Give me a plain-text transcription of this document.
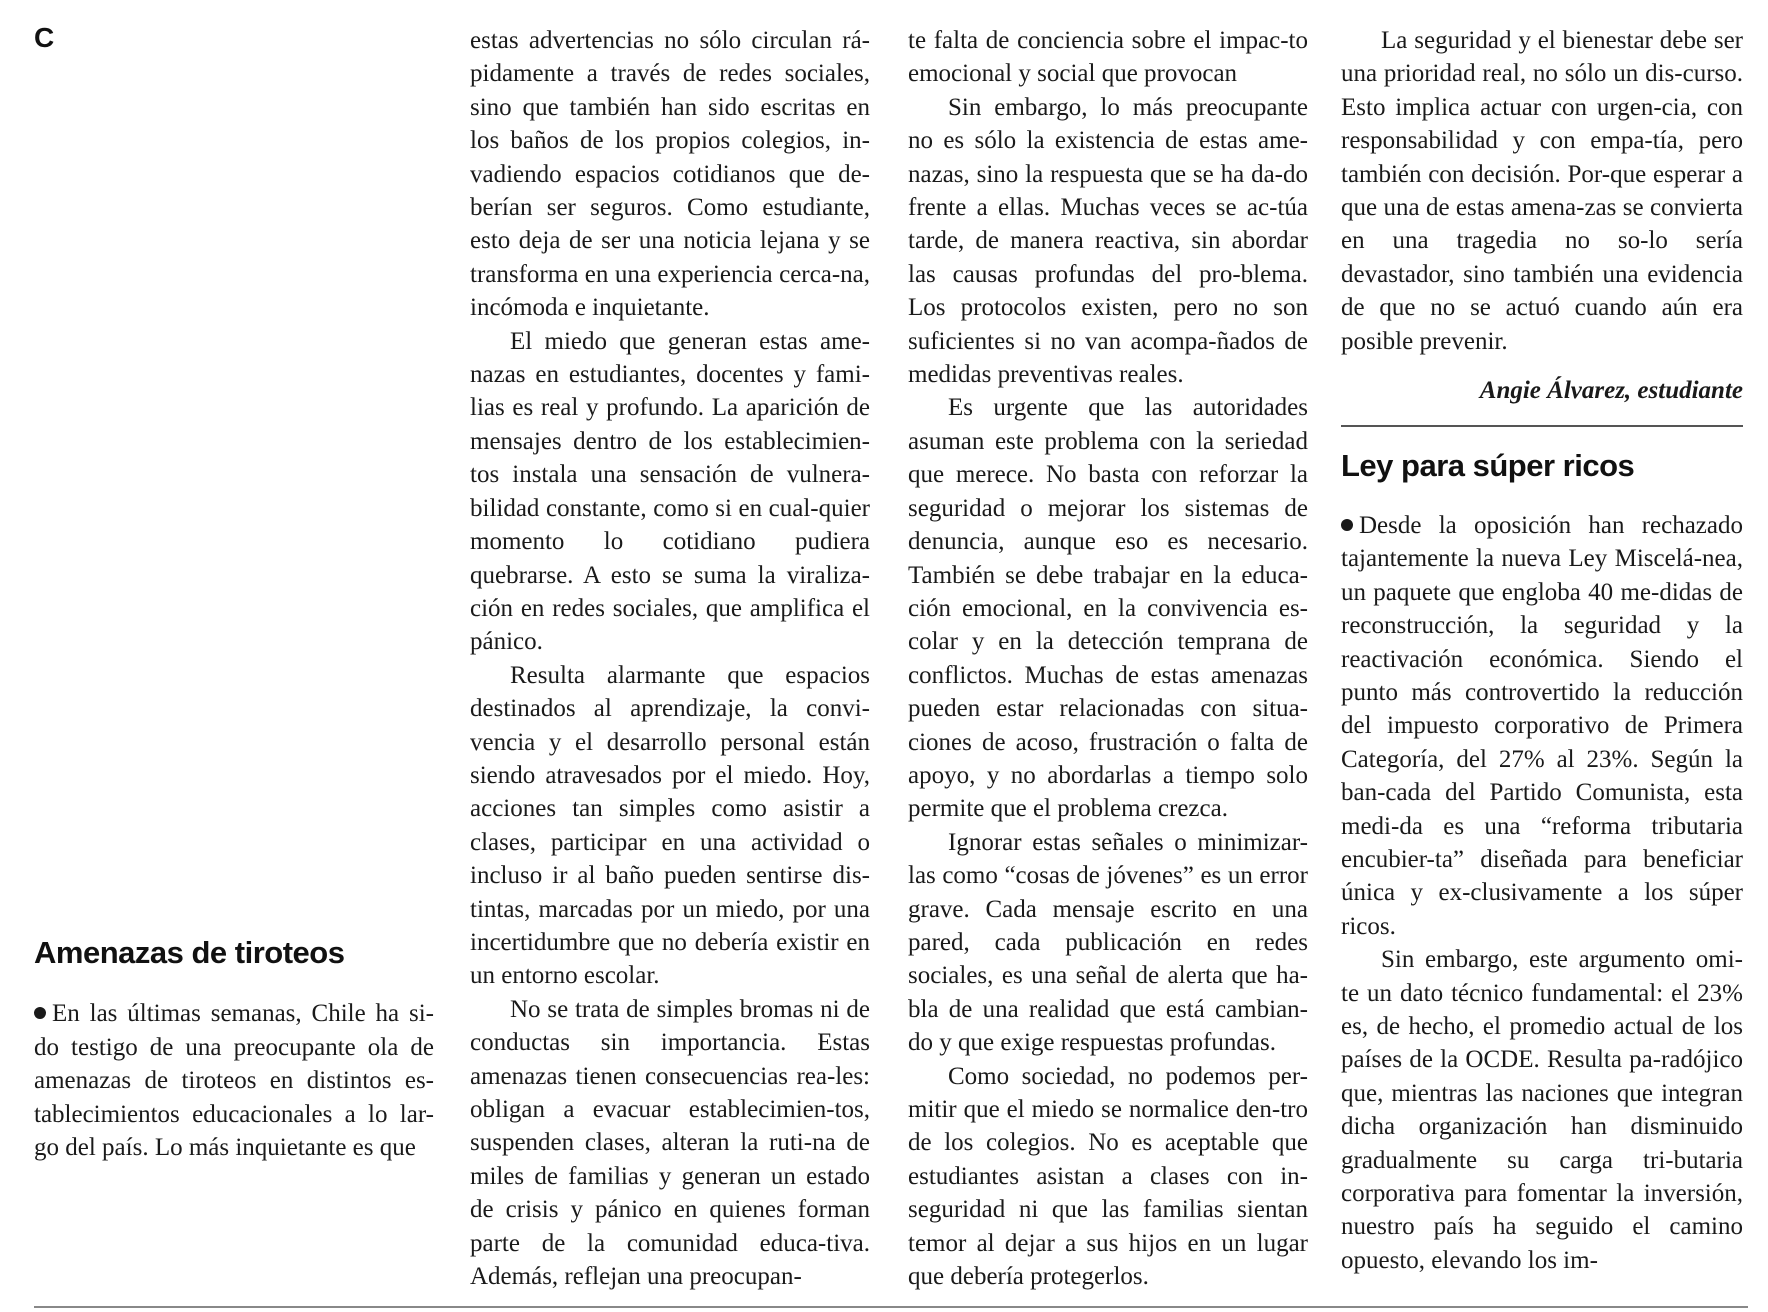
C
Amenazas de tiroteos

En las últimas semanas, Chile ha si-do testigo de una preocupante ola de amenazas de tiroteos en distintos es-tablecimientos educacionales a lo lar-go del país. Lo más inquietante es que

estas advertencias no sólo circulan rá-pidamente a través de redes sociales, sino que también han sido escritas en los baños de los propios colegios, in-vadiendo espacios cotidianos que de-berían ser seguros. Como estudiante, esto deja de ser una noticia lejana y se transforma en una experiencia cerca-na, incómoda e inquietante.

El miedo que generan estas ame-nazas en estudiantes, docentes y fami-lias es real y profundo. La aparición de mensajes dentro de los establecimien-tos instala una sensación de vulnera-bilidad constante, como si en cual-quier momento lo cotidiano pudiera quebrarse. A esto se suma la viraliza-ción en redes sociales, que amplifica el pánico.

Resulta alarmante que espacios destinados al aprendizaje, la convi-vencia y el desarrollo personal están siendo atravesados por el miedo. Hoy, acciones tan simples como asistir a clases, participar en una actividad o incluso ir al baño pueden sentirse dis-tintas, marcadas por un miedo, por una incertidumbre que no debería existir en un entorno escolar.

No se trata de simples bromas ni de conductas sin importancia. Estas amenazas tienen consecuencias rea-les: obligan a evacuar establecimien-tos, suspenden clases, alteran la ruti-na de miles de familias y generan un estado de crisis y pánico en quienes forman parte de la comunidad educa-tiva. Además, reflejan una preocupan-

te falta de conciencia sobre el impac-to emocional y social que provocan

Sin embargo, lo más preocupante no es sólo la existencia de estas ame-nazas, sino la respuesta que se ha da-do frente a ellas. Muchas veces se ac-túa tarde, de manera reactiva, sin abordar las causas profundas del pro-blema. Los protocolos existen, pero no son suficientes si no van acompa-ñados de medidas preventivas reales.

Es urgente que las autoridades asuman este problema con la seriedad que merece. No basta con reforzar la seguridad o mejorar los sistemas de denuncia, aunque eso es necesario. También se debe trabajar en la educa-ción emocional, en la convivencia es-colar y en la detección temprana de conflictos. Muchas de estas amenazas pueden estar relacionadas con situa-ciones de acoso, frustración o falta de apoyo, y no abordarlas a tiempo solo permite que el problema crezca.

Ignorar estas señales o minimizar-las como “cosas de jóvenes” es un error grave. Cada mensaje escrito en una pared, cada publicación en redes sociales, es una señal de alerta que ha-bla de una realidad que está cambian-do y que exige respuestas profundas.

Como sociedad, no podemos per-mitir que el miedo se normalice den-tro de los colegios. No es aceptable que estudiantes asistan a clases con in-seguridad ni que las familias sientan temor al dejar a sus hijos en un lugar que debería protegerlos.

La seguridad y el bienestar debe ser una prioridad real, no sólo un dis-curso. Esto implica actuar con urgen-cia, con responsabilidad y con empa-tía, pero también con decisión. Por-que esperar a que una de estas amena-zas se convierta en una tragedia no so-lo sería devastador, sino también una evidencia de que no se actuó cuando aún era posible prevenir.

Angie Álvarez, estudiante
Ley para súper ricos

Desde la oposición han rechazado tajantemente la nueva Ley Miscelá-nea, un paquete que engloba 40 me-didas de reconstrucción, la seguridad y la reactivación económica. Siendo el punto más controvertido la reducción del impuesto corporativo de Primera Categoría, del 27% al 23%. Según la ban-cada del Partido Comunista, esta medi-da es una “reforma tributaria encubier-ta” diseñada para beneficiar única y ex-clusivamente a los súper ricos.

Sin embargo, este argumento omi-te un dato técnico fundamental: el 23% es, de hecho, el promedio actual de los países de la OCDE. Resulta pa-radójico que, mientras las naciones que integran dicha organización han disminuido gradualmente su carga tri-butaria corporativa para fomentar la inversión, nuestro país ha seguido el camino opuesto, elevando los im-
